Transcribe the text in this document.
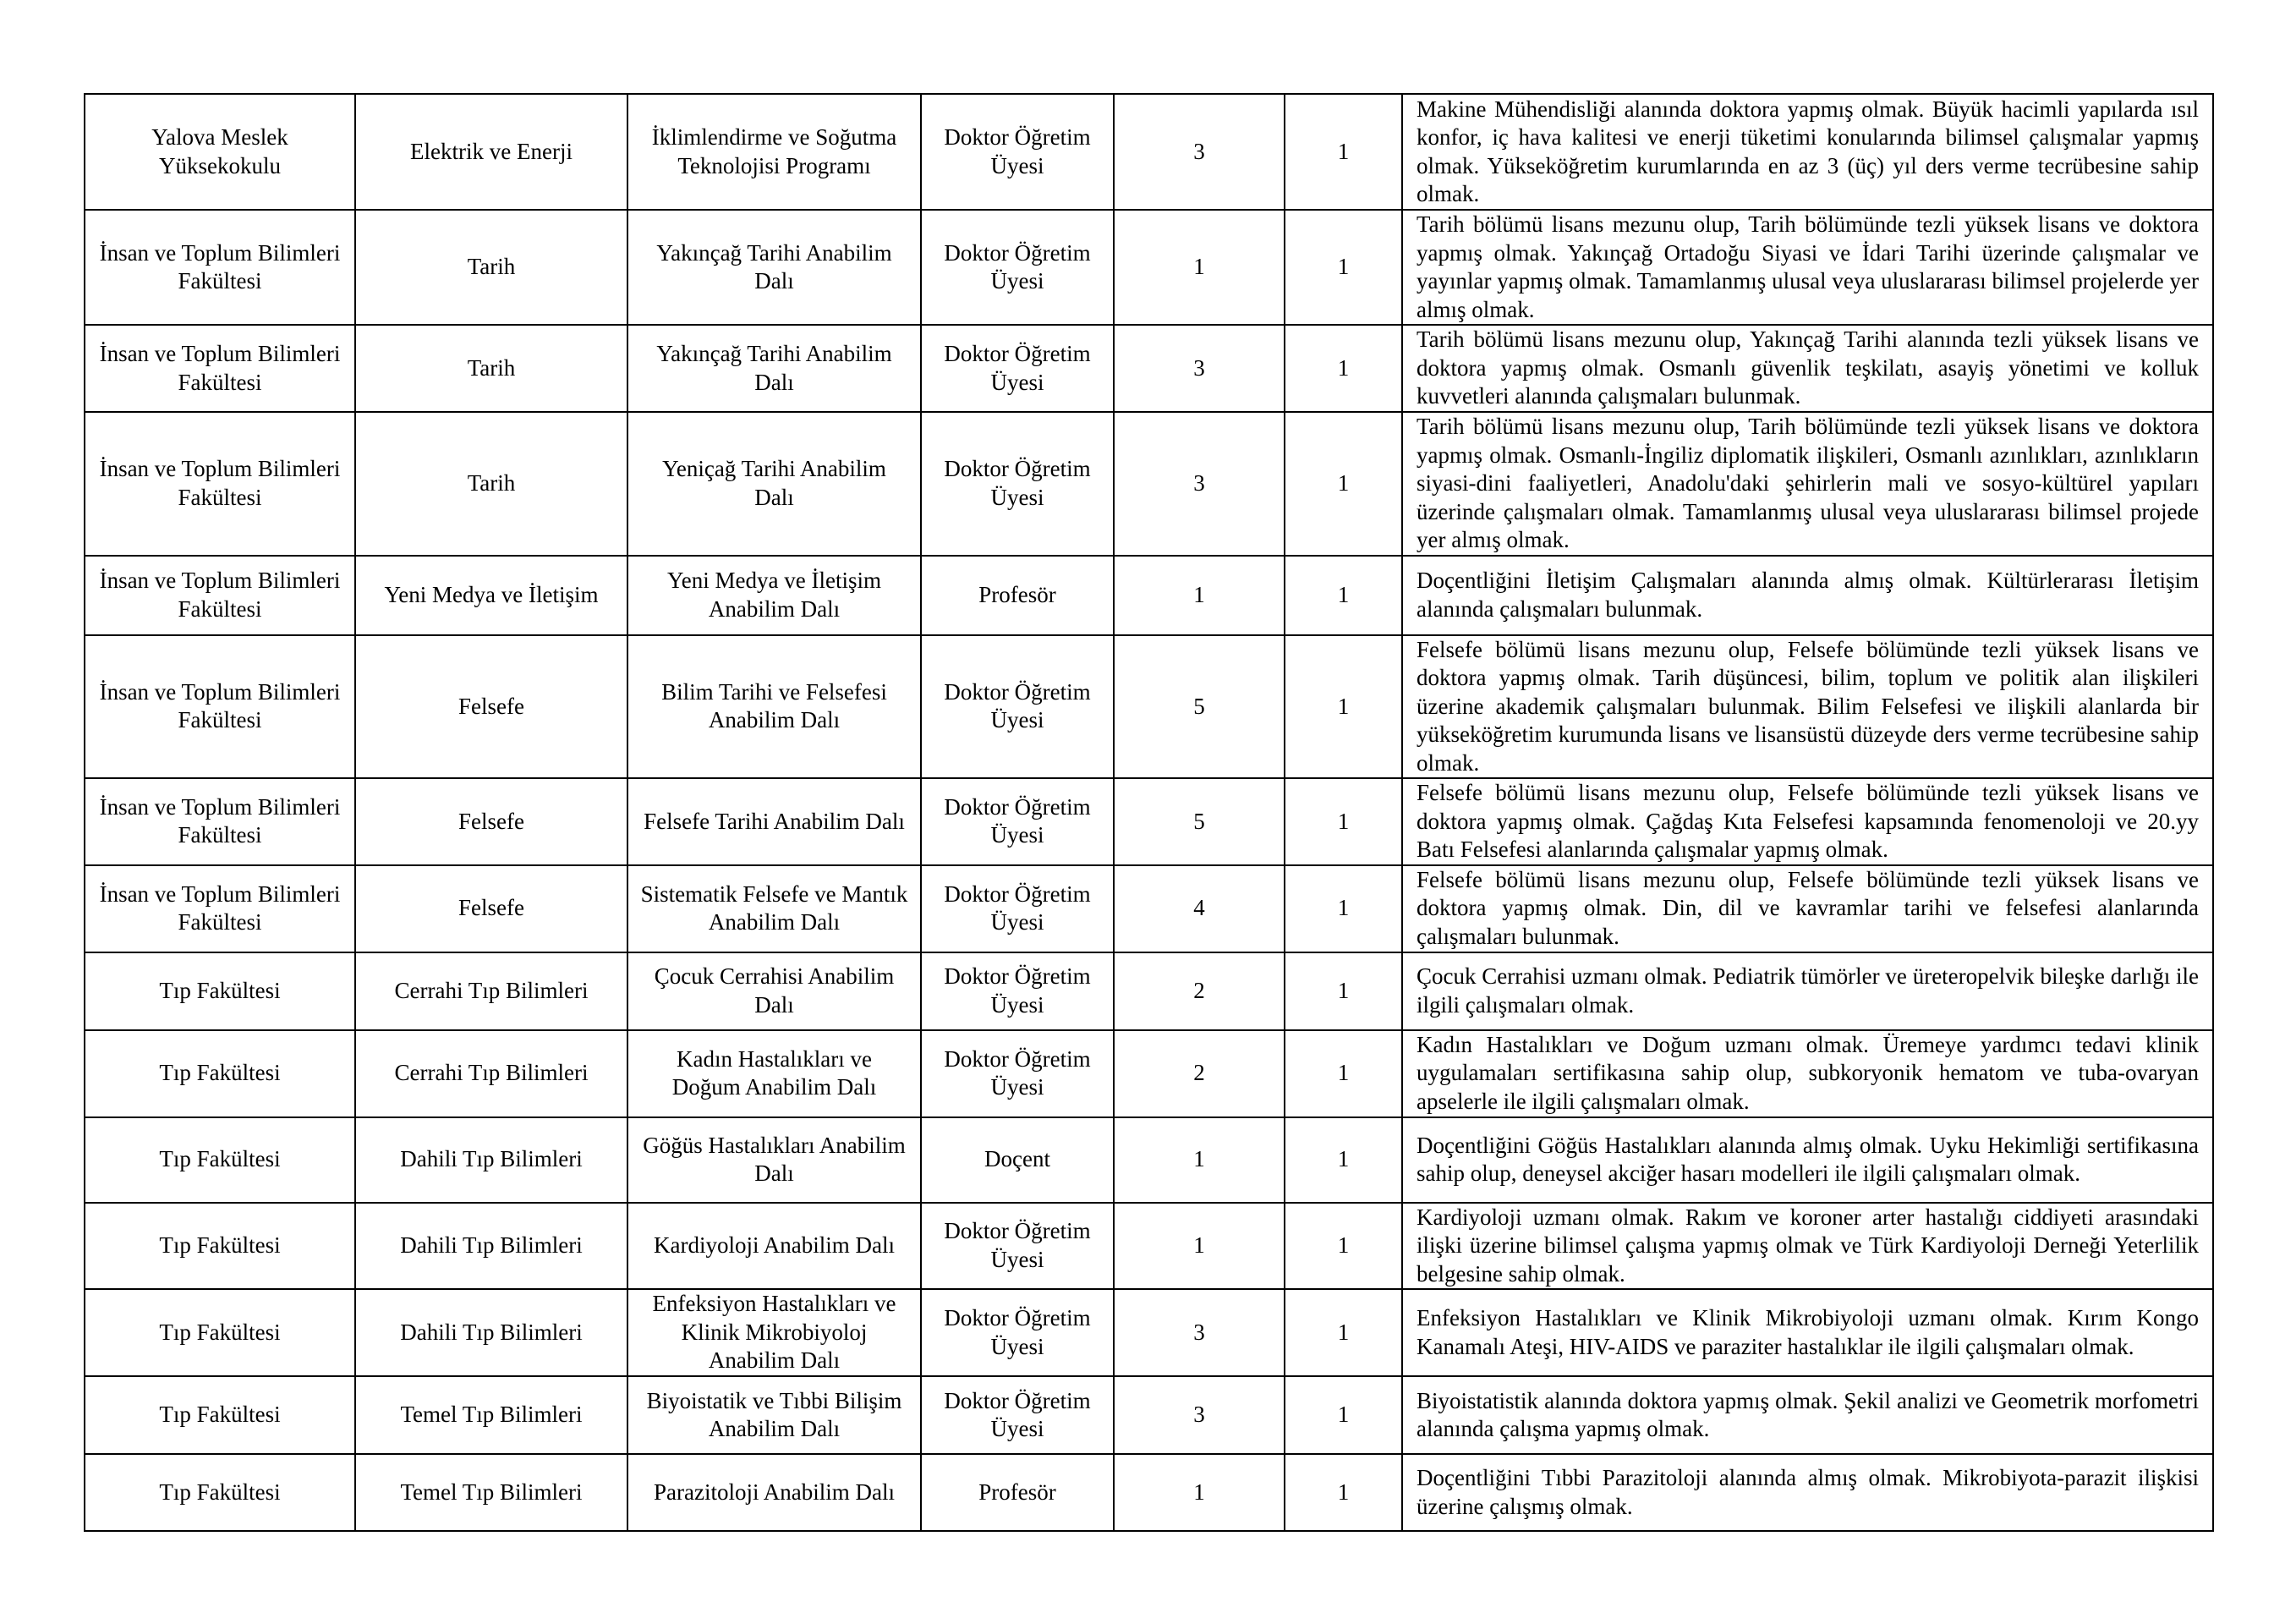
Yalova Meslek Yüksekokulu	Elektrik ve Enerji	İklimlendirme ve Soğutma Teknolojisi Programı	Doktor Öğretim Üyesi	3	1	Makine Mühendisliği alanında doktora yapmış olmak. Büyük hacimli yapılarda ısıl konfor, iç hava kalitesi ve enerji tüketimi konularında bilimsel çalışmalar yapmış olmak. Yükseköğretim kurumlarında en az 3 (üç) yıl ders verme tecrübesine sahip olmak.
İnsan ve Toplum Bilimleri Fakültesi	Tarih	Yakınçağ Tarihi Anabilim Dalı	Doktor Öğretim Üyesi	1	1	Tarih bölümü lisans mezunu olup, Tarih bölümünde tezli yüksek lisans ve doktora yapmış olmak. Yakınçağ Ortadoğu Siyasi ve İdari Tarihi üzerinde çalışmalar ve yayınlar yapmış olmak. Tamamlanmış ulusal veya uluslararası bilimsel projelerde yer almış olmak.
İnsan ve Toplum Bilimleri Fakültesi	Tarih	Yakınçağ Tarihi Anabilim Dalı	Doktor Öğretim Üyesi	3	1	Tarih bölümü lisans mezunu olup, Yakınçağ Tarihi alanında tezli yüksek lisans ve doktora yapmış olmak. Osmanlı güvenlik teşkilatı, asayiş yönetimi ve kolluk kuvvetleri alanında çalışmaları bulunmak.
İnsan ve Toplum Bilimleri Fakültesi	Tarih	Yeniçağ Tarihi Anabilim Dalı	Doktor Öğretim Üyesi	3	1	Tarih bölümü lisans mezunu olup, Tarih bölümünde tezli yüksek lisans ve doktora yapmış olmak. Osmanlı-İngiliz diplomatik ilişkileri, Osmanlı azınlıkları, azınlıkların siyasi-dini faaliyetleri, Anadolu'daki şehirlerin mali ve sosyo-kültürel yapıları üzerinde çalışmaları olmak. Tamamlanmış ulusal veya uluslararası bilimsel projede yer almış olmak.
İnsan ve Toplum Bilimleri Fakültesi	Yeni Medya ve İletişim	Yeni Medya ve İletişim Anabilim Dalı	Profesör	1	1	Doçentliğini İletişim Çalışmaları alanında almış olmak. Kültürlerarası İletişim alanında çalışmaları bulunmak.
İnsan ve Toplum Bilimleri Fakültesi	Felsefe	Bilim Tarihi ve Felsefesi Anabilim Dalı	Doktor Öğretim Üyesi	5	1	Felsefe bölümü lisans mezunu olup, Felsefe bölümünde tezli yüksek lisans ve doktora yapmış olmak. Tarih düşüncesi, bilim, toplum ve politik alan ilişkileri üzerine akademik çalışmaları bulunmak. Bilim Felsefesi ve ilişkili alanlarda bir yükseköğretim kurumunda lisans ve lisansüstü düzeyde ders verme tecrübesine sahip olmak.
İnsan ve Toplum Bilimleri Fakültesi	Felsefe	Felsefe Tarihi Anabilim Dalı	Doktor Öğretim Üyesi	5	1	Felsefe bölümü lisans mezunu olup, Felsefe bölümünde tezli yüksek lisans ve doktora yapmış olmak. Çağdaş Kıta Felsefesi kapsamında fenomenoloji ve 20.yy Batı Felsefesi alanlarında çalışmalar yapmış olmak.
İnsan ve Toplum Bilimleri Fakültesi	Felsefe	Sistematik Felsefe ve Mantık Anabilim Dalı	Doktor Öğretim Üyesi	4	1	Felsefe bölümü lisans mezunu olup, Felsefe bölümünde tezli yüksek lisans ve doktora yapmış olmak. Din, dil ve kavramlar tarihi ve felsefesi alanlarında çalışmaları bulunmak.
Tıp Fakültesi	Cerrahi Tıp Bilimleri	Çocuk Cerrahisi Anabilim Dalı	Doktor Öğretim Üyesi	2	1	Çocuk Cerrahisi uzmanı olmak. Pediatrik tümörler ve üreteropelvik bileşke darlığı ile ilgili çalışmaları olmak.
Tıp Fakültesi	Cerrahi Tıp Bilimleri	Kadın Hastalıkları ve Doğum Anabilim Dalı	Doktor Öğretim Üyesi	2	1	Kadın Hastalıkları ve Doğum uzmanı olmak. Üremeye yardımcı tedavi klinik uygulamaları sertifikasına sahip olup, subkoryonik hematom ve tuba-ovaryan apselerle ile ilgili çalışmaları olmak.
Tıp Fakültesi	Dahili Tıp Bilimleri	Göğüs Hastalıkları Anabilim Dalı	Doçent	1	1	Doçentliğini Göğüs Hastalıkları alanında almış olmak. Uyku Hekimliği sertifikasına sahip olup, deneysel akciğer hasarı modelleri ile ilgili çalışmaları olmak.
Tıp Fakültesi	Dahili Tıp Bilimleri	Kardiyoloji Anabilim Dalı	Doktor Öğretim Üyesi	1	1	Kardiyoloji uzmanı olmak. Rakım ve koroner arter hastalığı ciddiyeti arasındaki ilişki üzerine bilimsel çalışma yapmış olmak ve Türk Kardiyoloji Derneği Yeterlilik belgesine sahip olmak.
Tıp Fakültesi	Dahili Tıp Bilimleri	Enfeksiyon Hastalıkları ve Klinik Mikrobiyoloj Anabilim Dalı	Doktor Öğretim Üyesi	3	1	Enfeksiyon Hastalıkları ve Klinik Mikrobiyoloji uzmanı olmak. Kırım Kongo Kanamalı Ateşi, HIV-AIDS ve paraziter hastalıklar ile ilgili çalışmaları olmak.
Tıp Fakültesi	Temel Tıp Bilimleri	Biyoistatik ve Tıbbi Bilişim Anabilim Dalı	Doktor Öğretim Üyesi	3	1	Biyoistatistik alanında doktora yapmış olmak. Şekil analizi ve Geometrik morfometri alanında çalışma yapmış olmak.
Tıp Fakültesi	Temel Tıp Bilimleri	Parazitoloji Anabilim Dalı	Profesör	1	1	Doçentliğini Tıbbi Parazitoloji alanında almış olmak. Mikrobiyota-parazit ilişkisi üzerine çalışmış olmak.
